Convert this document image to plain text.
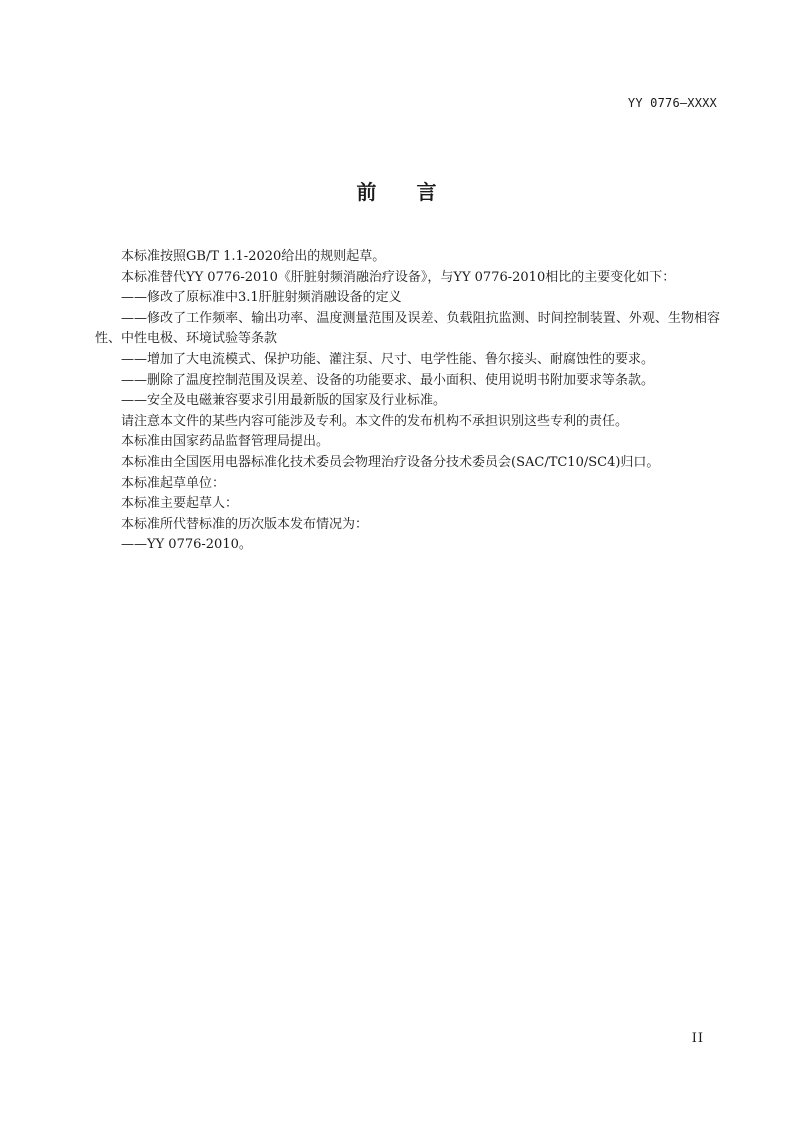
YY 0776—XXXX
前言

本标准按照GB/T 1.1-2020给出的规则起草。

本标准替代YY 0776-2010《肝脏射频消融治疗设备》，与YY 0776-2010相比的主要变化如下：

——修改了原标准中3.1肝脏射频消融设备的定义

——修改了工作频率、输出功率、温度测量范围及误差、负载阻抗监测、时间控制装置、外观、生物相容性、中性电极、环境试验等条款

——增加了大电流模式、保护功能、灌注泵、尺寸、电学性能、鲁尔接头、耐腐蚀性的要求。

——删除了温度控制范围及误差、设备的功能要求、最小面积、使用说明书附加要求等条款。

——安全及电磁兼容要求引用最新版的国家及行业标准。

请注意本文件的某些内容可能涉及专利。本文件的发布机构不承担识别这些专利的责任。

本标准由国家药品监督管理局提出。

本标准由全国医用电器标准化技术委员会物理治疗设备分技术委员会(SAC/TC10/SC4)归口。

本标准起草单位：

本标准主要起草人：

本标准所代替标准的历次版本发布情况为：

——YY 0776-2010。

II
